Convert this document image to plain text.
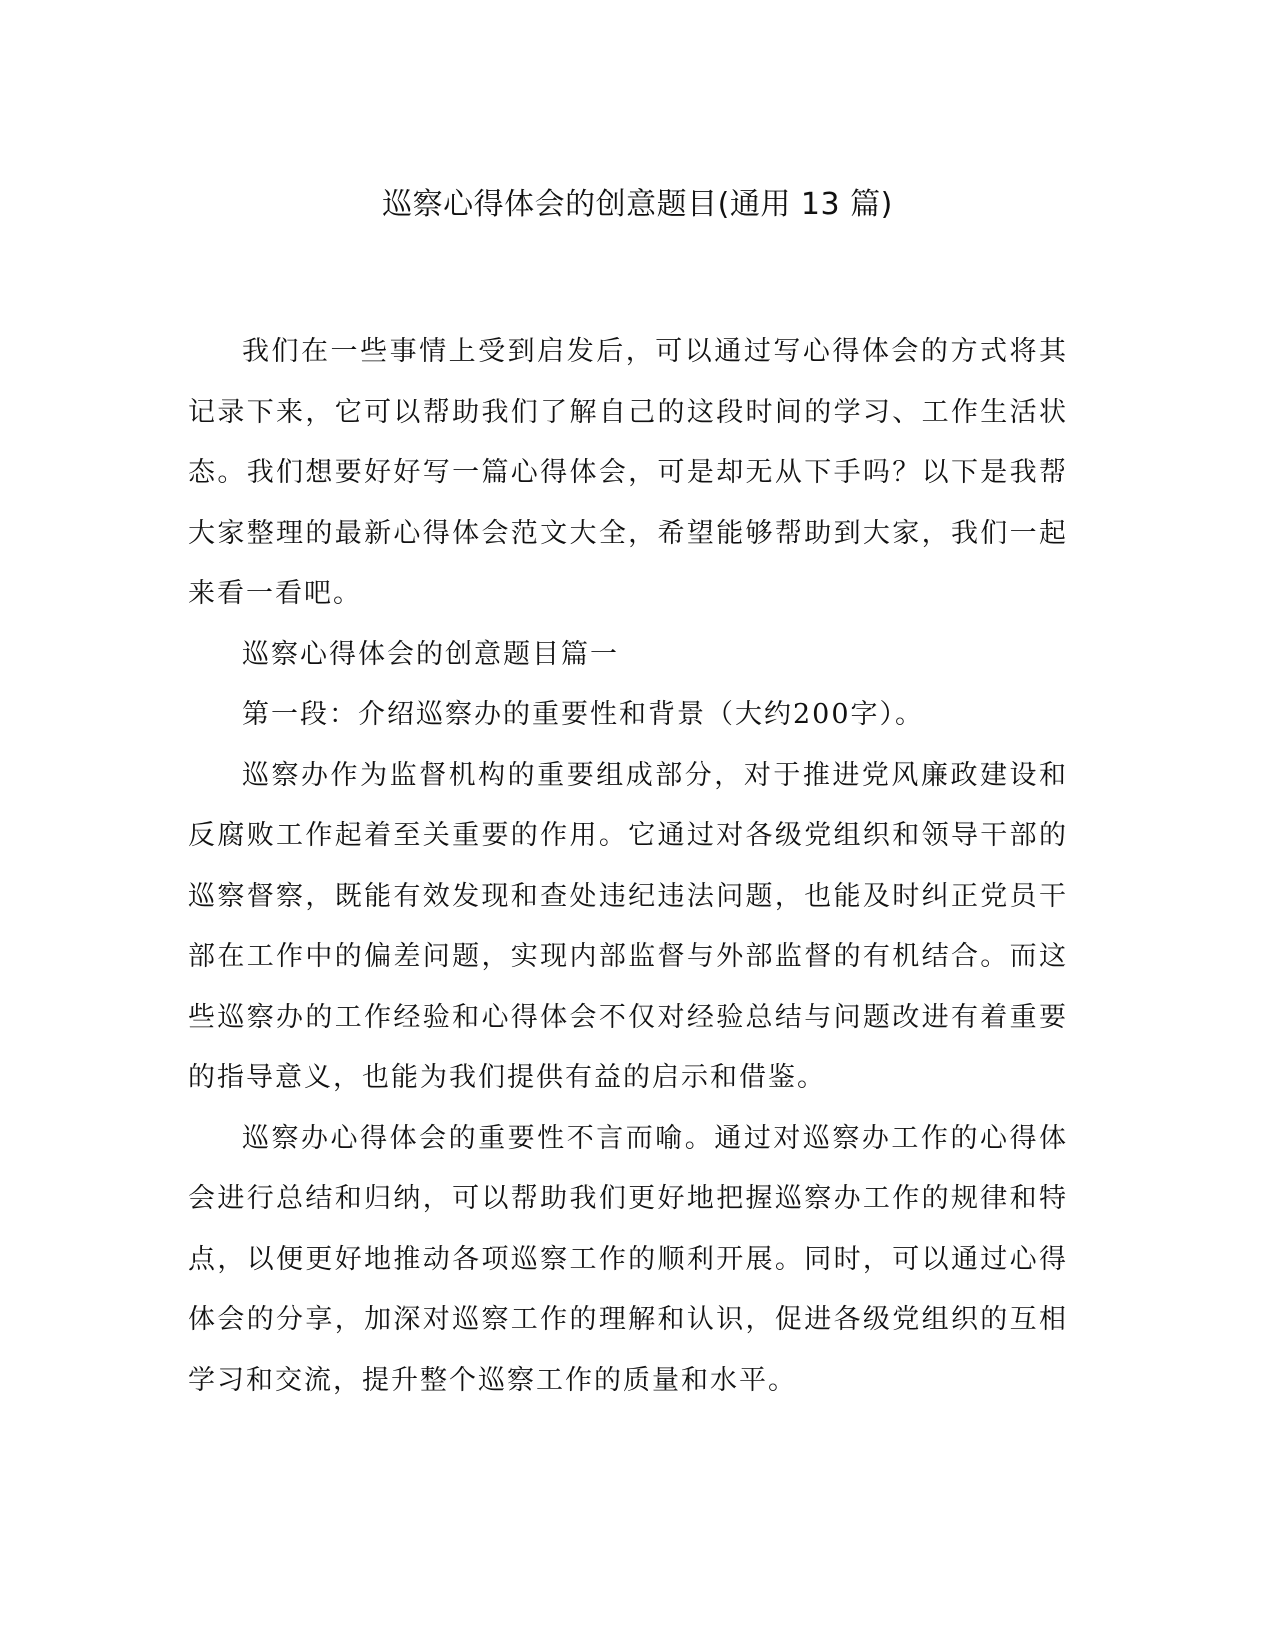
巡察心得体会的创意题目(通用 13 篇)

我们在一些事情上受到启发后，可以通过写心得体会的方式将其记录下来，它可以帮助我们了解自己的这段时间的学习、工作生活状态。我们想要好好写一篇心得体会，可是却无从下手吗？以下是我帮大家整理的最新心得体会范文大全，希望能够帮助到大家，我们一起来看一看吧。

巡察心得体会的创意题目篇一

第一段：介绍巡察办的重要性和背景（大约200字）。

巡察办作为监督机构的重要组成部分，对于推进党风廉政建设和反腐败工作起着至关重要的作用。它通过对各级党组织和领导干部的巡察督察，既能有效发现和查处违纪违法问题，也能及时纠正党员干部在工作中的偏差问题，实现内部监督与外部监督的有机结合。而这些巡察办的工作经验和心得体会不仅对经验总结与问题改进有着重要的指导意义，也能为我们提供有益的启示和借鉴。

巡察办心得体会的重要性不言而喻。通过对巡察办工作的心得体会进行总结和归纳，可以帮助我们更好地把握巡察办工作的规律和特点，以便更好地推动各项巡察工作的顺利开展。同时，可以通过心得体会的分享，加深对巡察工作的理解和认识，促进各级党组织的互相学习和交流，提升整个巡察工作的质量和水平。
